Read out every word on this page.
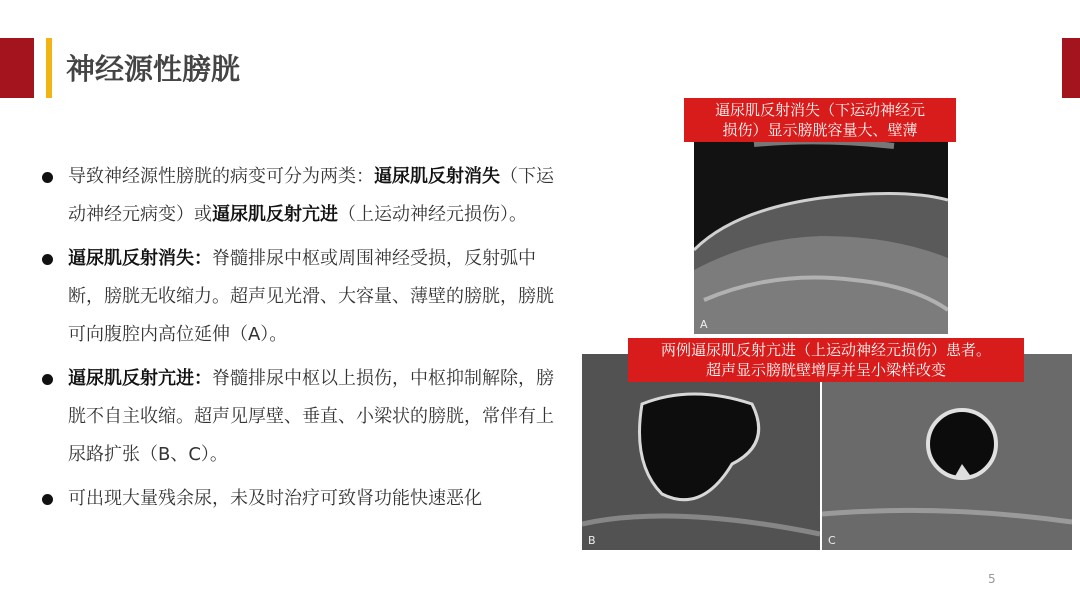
神经源性膀胱
导致神经源性膀胱的病变可分为两类：逼尿肌反射消失（下运动神经元病变）或逼尿肌反射亢进（上运动神经元损伤）。
逼尿肌反射消失：脊髓排尿中枢或周围神经受损，反射弧中断，膀胱无收缩力。超声见光滑、大容量、薄壁的膀胱，膀胱可向腹腔内高位延伸（A）。
逼尿肌反射亢进：脊髓排尿中枢以上损伤，中枢抑制解除，膀胱不自主收缩。超声见厚壁、垂直、小梁状的膀胱，常伴有上尿路扩张（B、C）。
可出现大量残余尿，未及时治疗可致肾功能快速恶化
A
B	C
逼尿肌反射消失（下运动神经元
损伤）显示膀胱容量大、壁薄
两例逼尿肌反射亢进（上运动神经元损伤）患者。
超声显示膀胱壁增厚并呈小梁样改变
5
